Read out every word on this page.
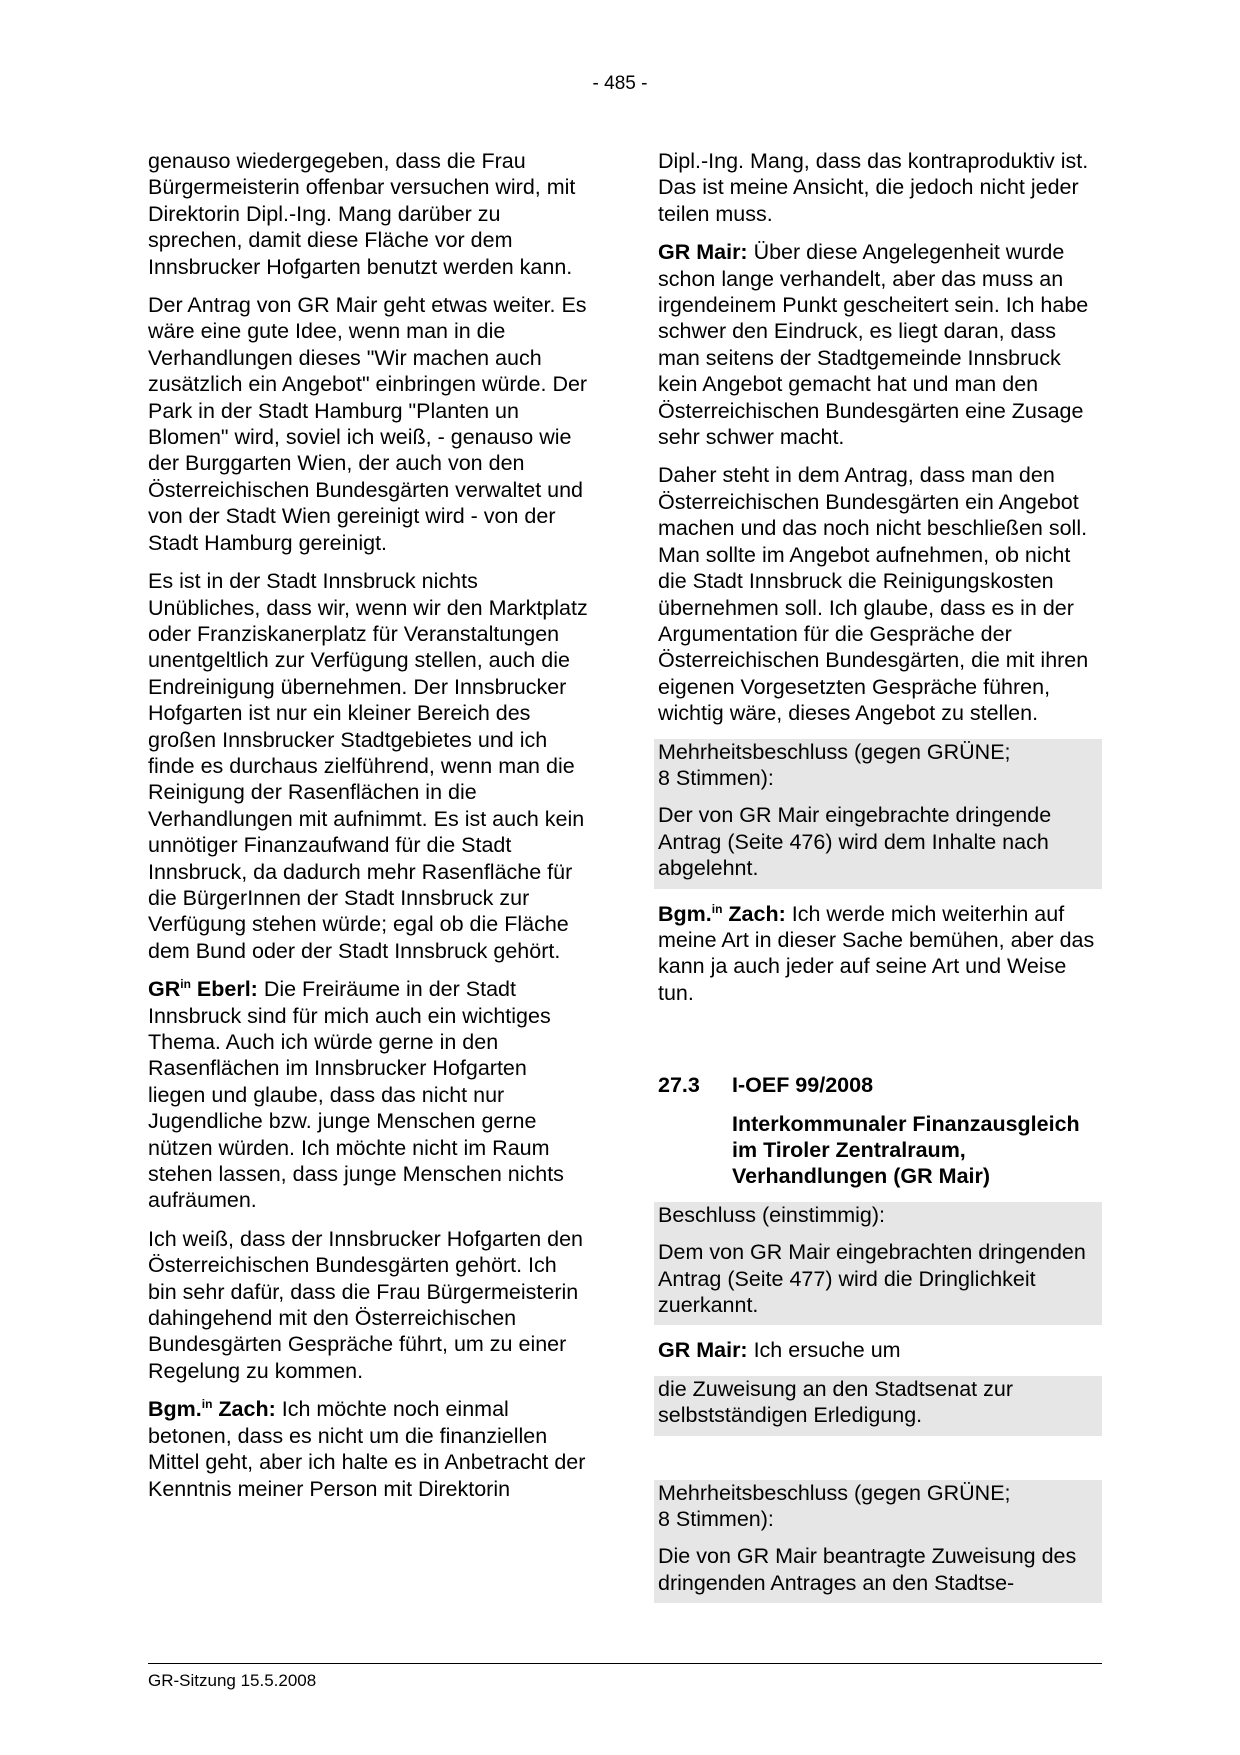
- 485 -

genauso wiedergegeben, dass die Frau Bürgermeisterin offenbar versuchen wird, mit Direktorin Dipl.-Ing. Mang darüber zu sprechen, damit diese Fläche vor dem Innsbrucker Hofgarten benutzt werden kann.

Der Antrag von GR Mair geht etwas weiter. Es wäre eine gute Idee, wenn man in die Verhandlungen dieses "Wir machen auch zusätzlich ein Angebot" einbringen würde. Der Park in der Stadt Hamburg "Planten un Blomen" wird, soviel ich weiß, - genauso wie der Burggarten Wien, der auch von den Österreichischen Bundesgärten verwaltet und von der Stadt Wien gereinigt wird - von der Stadt Hamburg gereinigt.

Es ist in der Stadt Innsbruck nichts Unübliches, dass wir, wenn wir den Marktplatz oder Franziskanerplatz für Veranstaltungen unentgeltlich zur Verfügung stellen, auch die Endreinigung übernehmen. Der Innsbrucker Hofgarten ist nur ein kleiner Bereich des großen Innsbrucker Stadtgebietes und ich finde es durchaus zielführend, wenn man die Reinigung der Rasenflächen in die Verhandlungen mit aufnimmt. Es ist auch kein unnötiger Finanzaufwand für die Stadt Innsbruck, da dadurch mehr Rasenfläche für die BürgerInnen der Stadt Innsbruck zur Verfügung stehen würde; egal ob die Fläche dem Bund oder der Stadt Innsbruck gehört.

$GR^{in}$ Eberl: Die Freiräume in der Stadt Innsbruck sind für mich auch ein wichtiges Thema. Auch ich würde gerne in den Rasenflächen im Innsbrucker Hofgarten liegen und glaube, dass das nicht nur Jugendliche bzw. junge Menschen gerne nützen würden. Ich möchte nicht im Raum stehen lassen, dass junge Menschen nichts aufräumen.

Ich weiß, dass der Innsbrucker Hofgarten den Österreichischen Bundesgärten gehört. Ich bin sehr dafür, dass die Frau Bürgermeisterin dahingehend mit den Österreichischen Bundesgärten Gespräche führt, um zu einer Regelung zu kommen.

Bgm.$^{in}$ Zach: Ich möchte noch einmal betonen, dass es nicht um die finanziellen Mittel geht, aber ich halte es in Anbetracht der Kenntnis meiner Person mit Direktorin

Dipl.-Ing. Mang, dass das kontraproduktiv ist. Das ist meine Ansicht, die jedoch nicht jeder teilen muss.

GR Mair: Über diese Angelegenheit wurde schon lange verhandelt, aber das muss an irgendeinem Punkt gescheitert sein. Ich habe schwer den Eindruck, es liegt daran, dass man seitens der Stadtgemeinde Innsbruck kein Angebot gemacht hat und man den Österreichischen Bundesgärten eine Zusage sehr schwer macht.

Daher steht in dem Antrag, dass man den Österreichischen Bundesgärten ein Angebot machen und das noch nicht beschließen soll. Man sollte im Angebot aufnehmen, ob nicht die Stadt Innsbruck die Reinigungskosten übernehmen soll. Ich glaube, dass es in der Argumentation für die Gespräche der Österreichischen Bundesgärten, die mit ihren eigenen Vorgesetzten Gespräche führen, wichtig wäre, dieses Angebot zu stellen.

Mehrheitsbeschluss (gegen GRÜNE;
8 Stimmen):
Der von GR Mair eingebrachte dringende Antrag (Seite 476) wird dem Inhalte nach abgelehnt.

Bgm.$^{in}$ Zach: Ich werde mich weiterhin auf meine Art in dieser Sache bemühen, aber das kann ja auch jeder auf seine Art und Weise tun.

27.3	I-OEF 99/2008
Interkommunaler Finanzausgleich im Tiroler Zentralraum, Verhandlungen (GR Mair)
Beschluss (einstimmig):
Dem von GR Mair eingebrachten dringenden Antrag (Seite 477) wird die Dringlichkeit zuerkannt.

GR Mair: Ich ersuche um

die Zuweisung an den Stadtsenat zur selbstständigen Erledigung.
Mehrheitsbeschluss (gegen GRÜNE;
8 Stimmen):
Die von GR Mair beantragte Zuweisung des dringenden Antrages an den Stadtse-
GR-Sitzung 15.5.2008
